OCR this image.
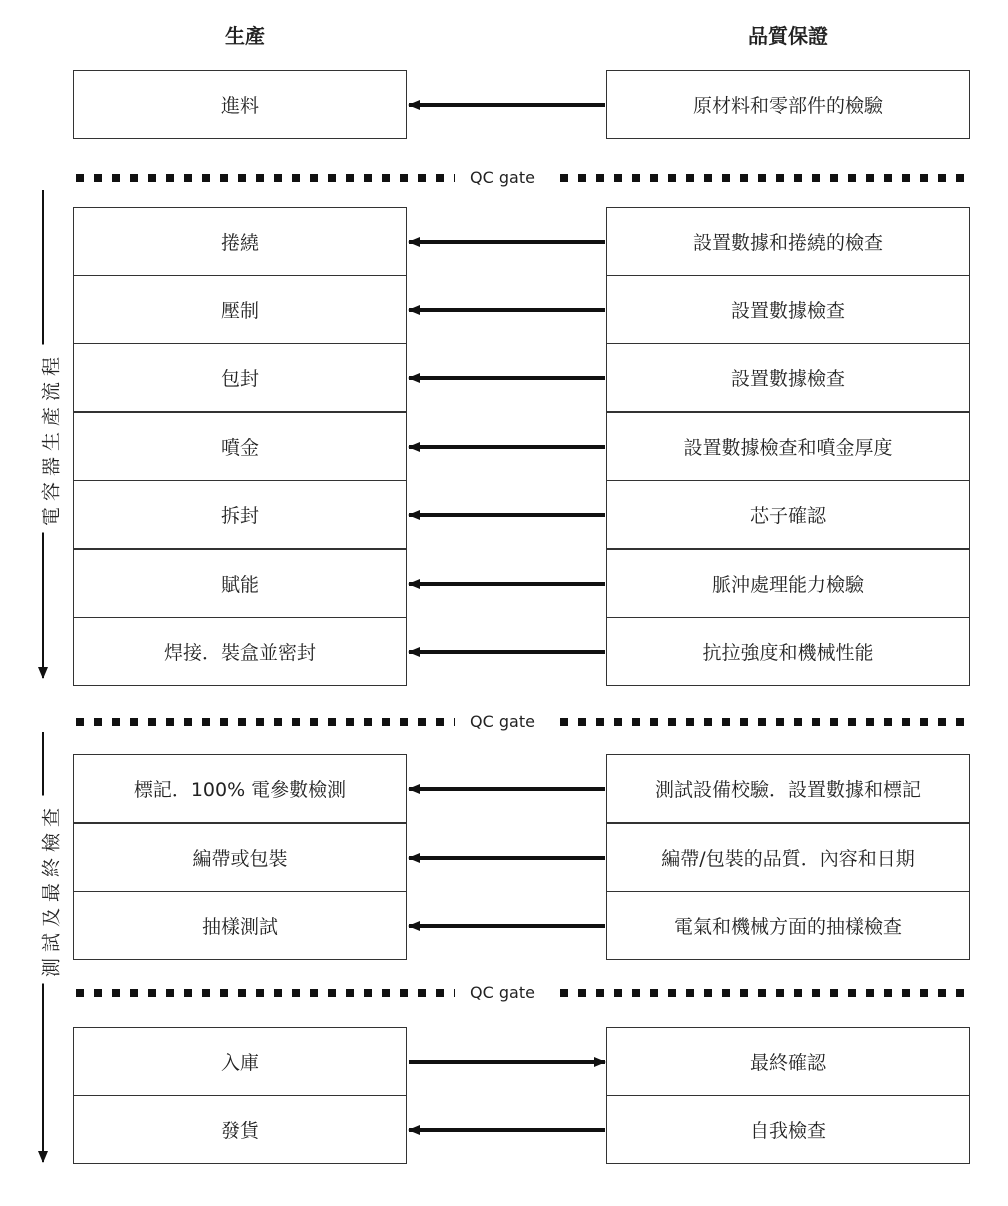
生產	品質保證
QC gate
QC gate
QC gate
電容器生產流程
測試及最終檢查
進料	原材料和零部件的檢驗
捲繞	設置數據和捲繞的檢查
壓制	設置數據檢查
包封	設置數據檢查
噴金	設置數據檢查和噴金厚度
拆封	芯子確認
賦能	脈沖處理能力檢驗
焊接．裝盒並密封	抗拉強度和機械性能
標記．100% 電參數檢測	測試設備校驗．設置數據和標記
編帶或包裝	編帶/包裝的品質．內容和日期
抽樣測試	電氣和機械方面的抽樣檢查
入庫	最終確認
發貨	自我檢查
